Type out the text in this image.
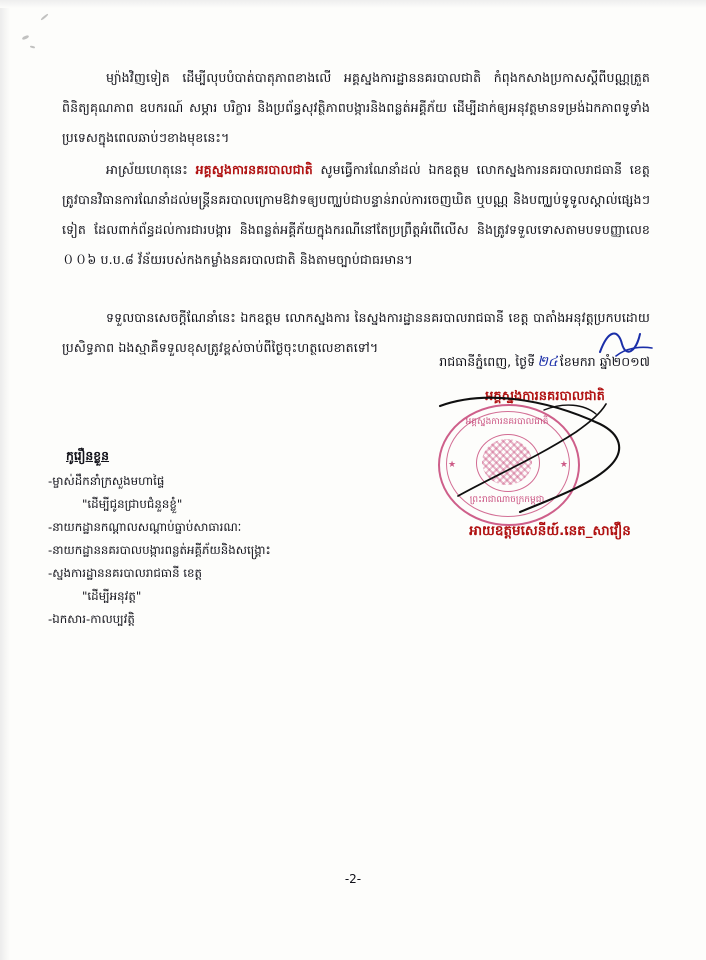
ម្យ៉ាងវិញទៀត ដើម្បីលុបបំបាត់បាតុភាពខាងលើ អគ្គស្នងការដ្ឋាននគរបាលជាតិ កំពុងកសាងប្រកាសស្ដីពីបណ្ណត្រួតពិនិត្យគុណភាព ឧបករណ៍ សម្ភារ បរិក្ខារ និងប្រព័ន្ធសុវត្ថិភាពបង្ការនិងពន្លត់អគ្គីភ័យ ដើម្បីដាក់ឲ្យអនុវត្តមានទម្រង់ឯកភាពទូទាំងប្រទេសក្នុងពេលឆាប់ៗខាងមុខនេះ។

អាស្រ័យហេតុនេះ អគ្គស្នងការនគរបាលជាតិ សូមធ្វើការណែនាំដល់ ឯកឧត្តម លោកស្នងការនគរបាលរាជធានី ខេត្ត ត្រូវបានវិធានការណែនាំដល់មន្ត្រីនគរបាលក្រោមឱវាទឲ្យបញ្ឈប់ជាបន្ទាន់រាល់ការចេញឃិត ឬបណ្ណ និងបញ្ឈប់ទូទូលស្ដាល់ផ្សេងៗទៀត ដែលពាក់ព័ន្ធដល់ការជារបង្ការ និងពន្លត់អគ្គីភ័យក្នុងករណីនៅតែប្រព្រឹត្តអំពើលើស និងត្រូវទទួលទោសតាមបទបញ្ញាលេខ ００៦ ប.ប.៨ វ័ន័យរបស់កងកម្លាំងនគរបាលជាតិ និងតាមច្បាប់ជាធរមាន។

ទទួលបានសេចក្ដីណែនាំនេះ ឯកឧត្តម លោកស្នងការ នៃស្នងការដ្ឋាននគរបាលរាជធានី ខេត្ត បាតាំងអនុវត្តប្រកបដោយប្រសិទ្ធភាព ឯងស្មាគឺទទួលខុសត្រូវខ្ពស់ចាប់ពីថ្ងៃចុះហត្ថលេខាតទៅ។

រាជធានីភ្នំពេញ, ថ្ងៃទី ២៤ ខែមករា ឆ្នាំ២០១៧
អគ្គស្នងការនគរបាលជាតិ
អគ្គស្នងការនគរបាលជាតិ
ព្រះរាជាណាចក្រកម្ពុជា
★	★
អាយឧត្តមសេនីយ៍.នេត_សាវឿន
កូរឿនខ្លួន
-ម្ចាស់ដឹកនាំក្រសួងមហាផ្ទៃ
"ដើម្បីជូនជ្រាបជំនួនខ្លួំ"
-នាយកដ្ឋានកណ្ដាលសណ្ដាប់ធ្នាប់សាធារណៈ
-នាយកដ្ឋាននគរបាលបង្ការពន្លត់អគ្គីភ័យនិងសង្គ្រោះ
-ស្នងការដ្ឋាននគរបាលរាជធានី ខេត្ត
"ដើម្បីអនុវត្ត"
-ឯកសារ-កាលប្បវត្តិ
-2-
